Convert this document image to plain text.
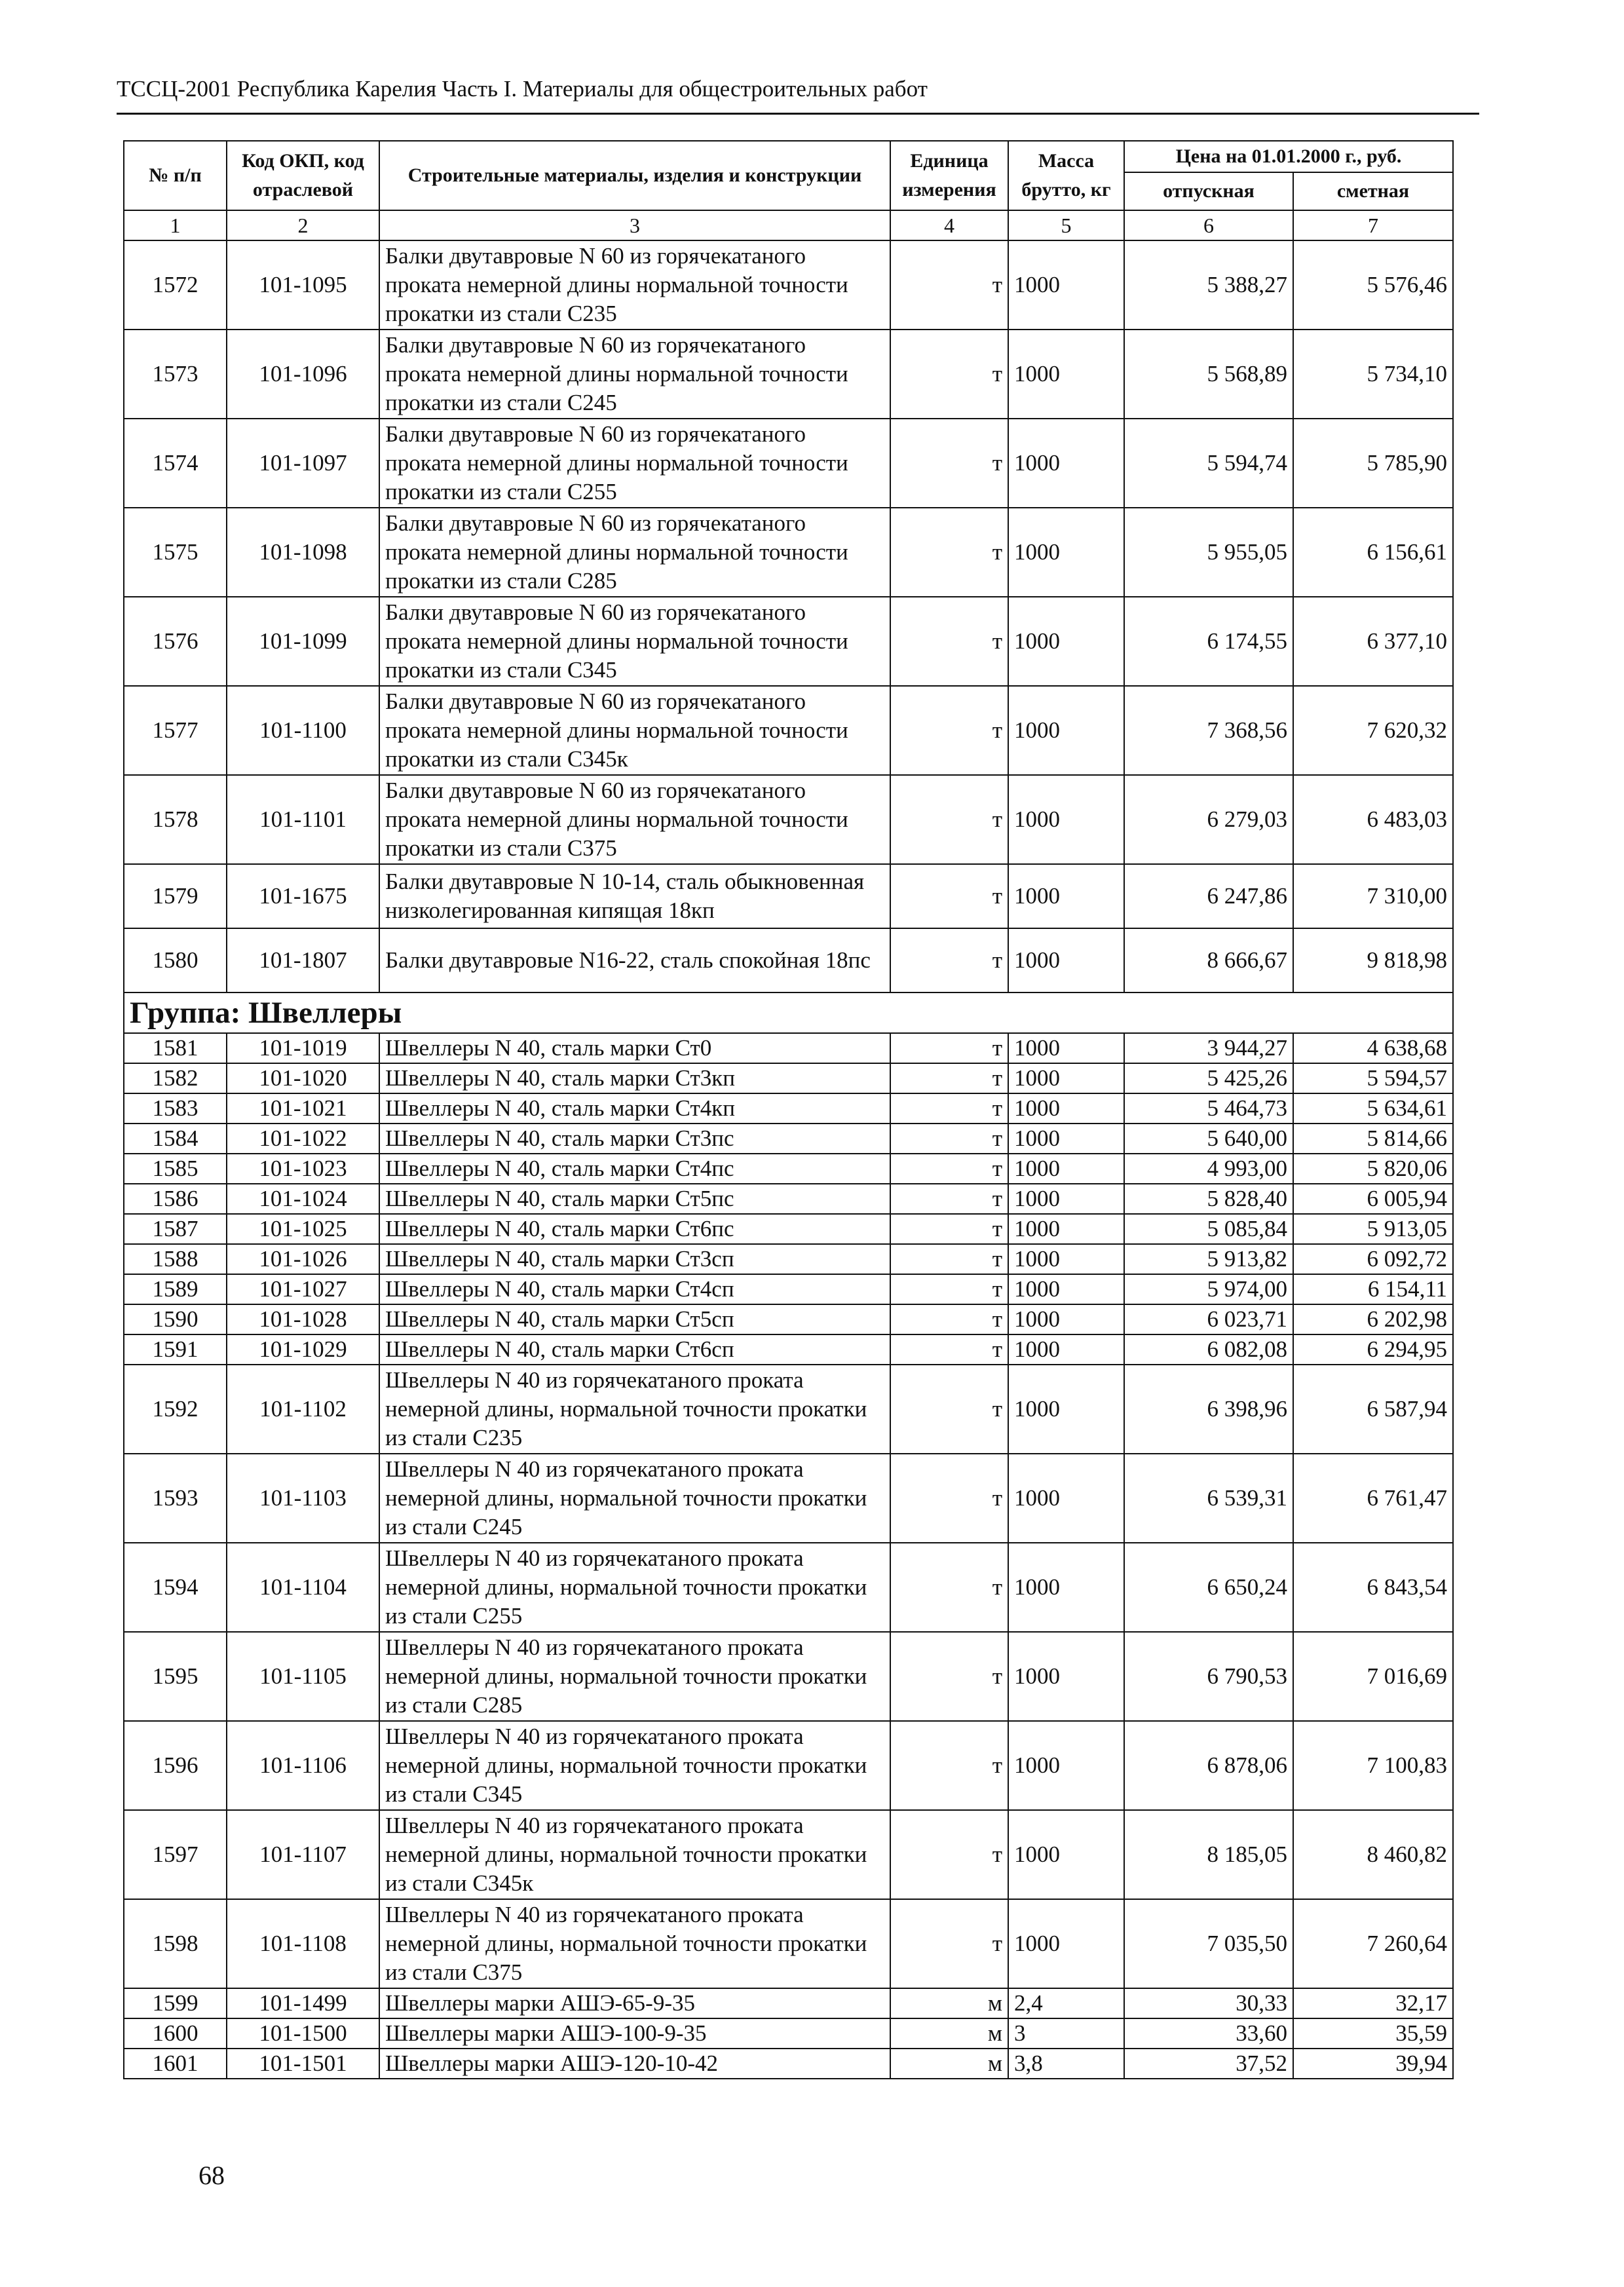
ТССЦ-2001 Республика Карелия Часть I. Материалы для общестроительных работ
№ п/п	Код ОКП, код отраслевой	Строительные материалы, изделия и конструкции	Единица измерения	Масса брутто, кг	Цена на 01.01.2000 г., руб.	
					отпускная	сметная
1	2	3	4	5	6	7
1572	101-1095	Балки двутавровые N 60 из горячекатаного проката немерной длины нормальной точности прокатки из стали С235	т	1000	5 388,27	5 576,46
1573	101-1096	Балки двутавровые N 60 из горячекатаного проката немерной длины нормальной точности прокатки из стали С245	т	1000	5 568,89	5 734,10
1574	101-1097	Балки двутавровые N 60 из горячекатаного проката немерной длины нормальной точности прокатки из стали С255	т	1000	5 594,74	5 785,90
1575	101-1098	Балки двутавровые N 60 из горячекатаного проката немерной длины нормальной точности прокатки из стали С285	т	1000	5 955,05	6 156,61
1576	101-1099	Балки двутавровые N 60 из горячекатаного проката немерной длины нормальной точности прокатки из стали С345	т	1000	6 174,55	6 377,10
1577	101-1100	Балки двутавровые N 60 из горячекатаного проката немерной длины нормальной точности прокатки из стали С345к	т	1000	7 368,56	7 620,32
1578	101-1101	Балки двутавровые N 60 из горячекатаного проката немерной длины нормальной точности прокатки из стали С375	т	1000	6 279,03	6 483,03
1579	101-1675	Балки двутавровые N 10-14, сталь обыкновенная низколегированная кипящая 18кп	т	1000	6 247,86	7 310,00
1580	101-1807	Балки двутавровые N16-22, сталь спокойная 18пс	т	1000	8 666,67	9 818,98
Группа: Швеллеры						
1581	101-1019	Швеллеры N 40, сталь марки Ст0	т	1000	3 944,27	4 638,68
1582	101-1020	Швеллеры N 40, сталь марки Ст3кп	т	1000	5 425,26	5 594,57
1583	101-1021	Швеллеры N 40, сталь марки Ст4кп	т	1000	5 464,73	5 634,61
1584	101-1022	Швеллеры N 40, сталь марки Ст3пс	т	1000	5 640,00	5 814,66
1585	101-1023	Швеллеры N 40, сталь марки Ст4пс	т	1000	4 993,00	5 820,06
1586	101-1024	Швеллеры N 40, сталь марки Ст5пс	т	1000	5 828,40	6 005,94
1587	101-1025	Швеллеры N 40, сталь марки Ст6пс	т	1000	5 085,84	5 913,05
1588	101-1026	Швеллеры N 40, сталь марки Ст3сп	т	1000	5 913,82	6 092,72
1589	101-1027	Швеллеры N 40, сталь марки Ст4сп	т	1000	5 974,00	6 154,11
1590	101-1028	Швеллеры N 40, сталь марки Ст5сп	т	1000	6 023,71	6 202,98
1591	101-1029	Швеллеры N 40, сталь марки Ст6сп	т	1000	6 082,08	6 294,95
1592	101-1102	Швеллеры N 40 из горячекатаного проката немерной длины, нормальной точности прокатки из стали С235	т	1000	6 398,96	6 587,94
1593	101-1103	Швеллеры N 40 из горячекатаного проката немерной длины, нормальной точности прокатки из стали С245	т	1000	6 539,31	6 761,47
1594	101-1104	Швеллеры N 40 из горячекатаного проката немерной длины, нормальной точности прокатки из стали С255	т	1000	6 650,24	6 843,54
1595	101-1105	Швеллеры N 40 из горячекатаного проката немерной длины, нормальной точности прокатки из стали С285	т	1000	6 790,53	7 016,69
1596	101-1106	Швеллеры N 40 из горячекатаного проката немерной длины, нормальной точности прокатки из стали С345	т	1000	6 878,06	7 100,83
1597	101-1107	Швеллеры N 40 из горячекатаного проката немерной длины, нормальной точности прокатки из стали С345к	т	1000	8 185,05	8 460,82
1598	101-1108	Швеллеры N 40 из горячекатаного проката немерной длины, нормальной точности прокатки из стали С375	т	1000	7 035,50	7 260,64
1599	101-1499	Швеллеры марки АШЭ-65-9-35	м	2,4	30,33	32,17
1600	101-1500	Швеллеры марки АШЭ-100-9-35	м	3	33,60	35,59
1601	101-1501	Швеллеры марки АШЭ-120-10-42	м	3,8	37,52	39,94
68
